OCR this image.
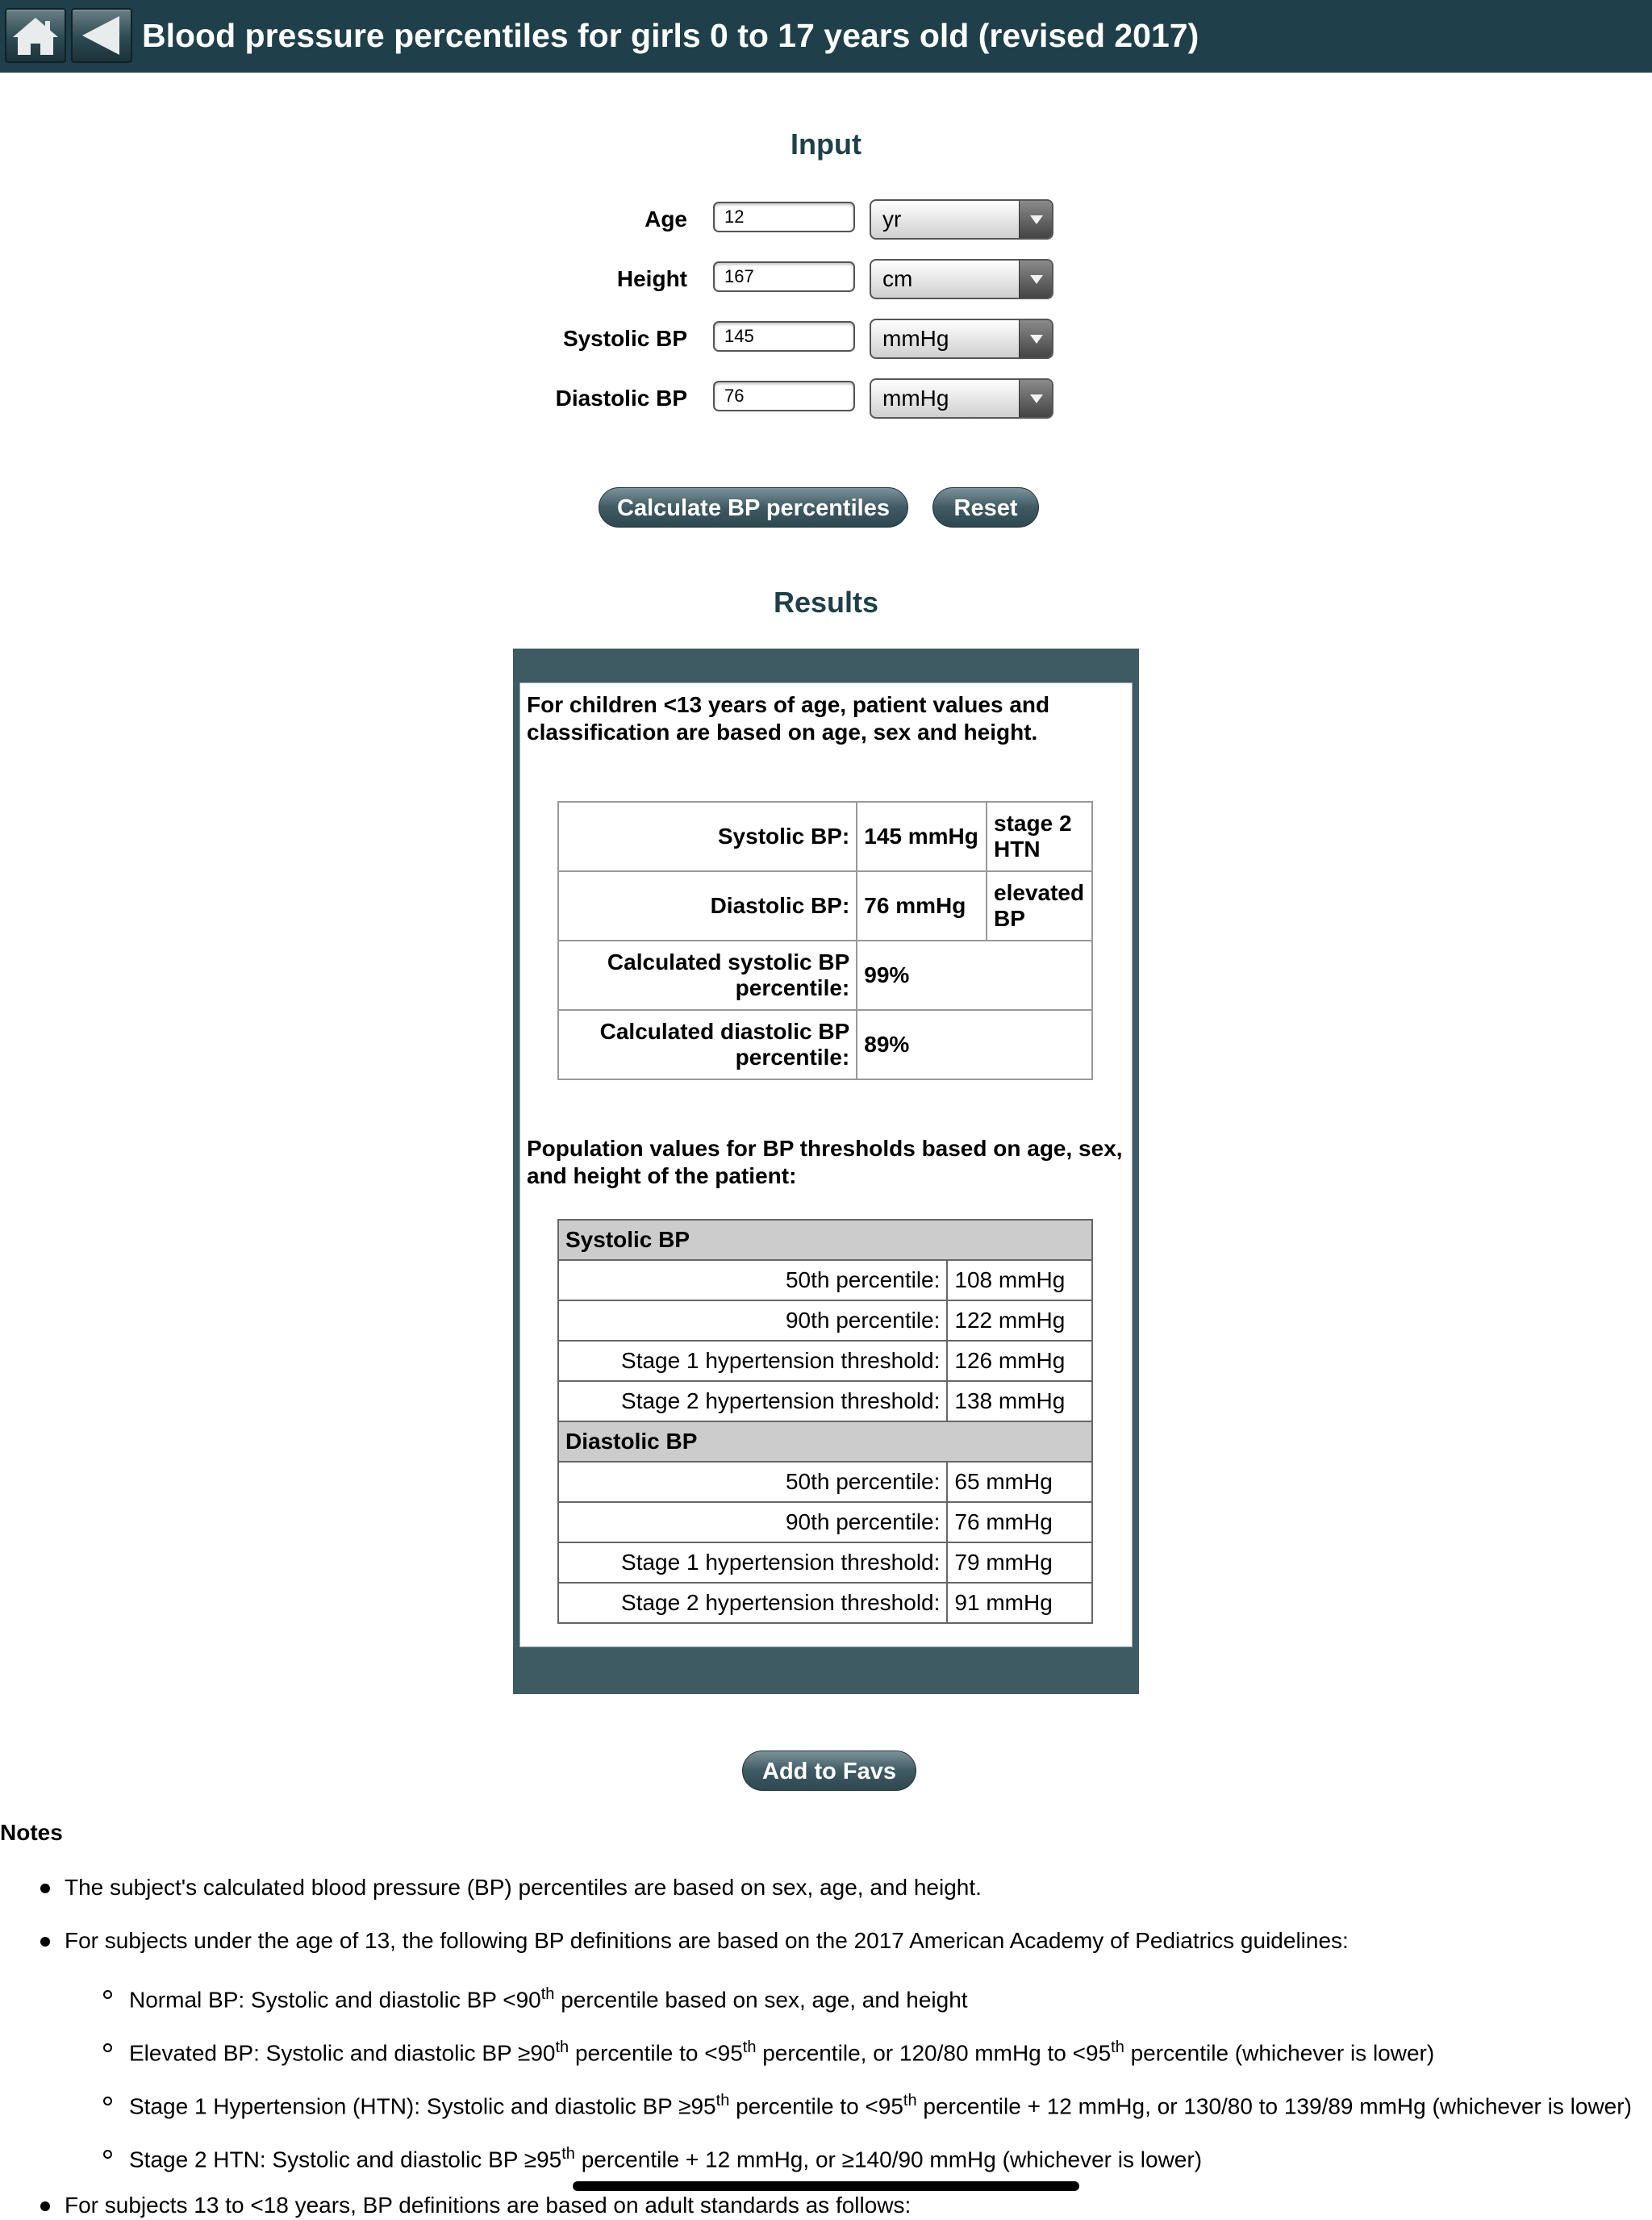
Blood pressure percentiles for girls 0 to 17 years old (revised 2017)
Input
Age	12	yr
Height	167	cm
Systolic BP	145	mmHg
Diastolic BP	76	mmHg
Calculate BP percentiles	Reset
Results
For children <13 years of age, patient values and
classification are based on age, sex and height.
Systolic BP:	145 mmHg	stage 2
HTN
Diastolic BP:	76 mmHg	elevated
BP
Calculated systolic BP
percentile:	99%	
Calculated diastolic BP
percentile:	89%	
Population values for BP thresholds based on age, sex,
and height of the patient:
Systolic BP	
50th percentile:	108 mmHg
90th percentile:	122 mmHg
Stage 1 hypertension threshold:	126 mmHg
Stage 2 hypertension threshold:	138 mmHg
Diastolic BP	
50th percentile:	65 mmHg
90th percentile:	76 mmHg
Stage 1 hypertension threshold:	79 mmHg
Stage 2 hypertension threshold:	91 mmHg
Add to Favs
Notes
The subject's calculated blood pressure (BP) percentiles are based on sex, age, and height.
For subjects under the age of 13, the following BP definitions are based on the 2017 American Academy of Pediatrics guidelines:
Normal BP: Systolic and diastolic BP <90th percentile based on sex, age, and height
Elevated BP: Systolic and diastolic BP ≥90th percentile to <95th percentile, or 120/80 mmHg to <95th percentile (whichever is lower)
Stage 1 Hypertension (HTN): Systolic and diastolic BP ≥95th percentile to <95th percentile + 12 mmHg, or 130/80 to 139/89 mmHg (whichever is lower)
Stage 2 HTN: Systolic and diastolic BP ≥95th percentile + 12 mmHg, or ≥140/90 mmHg (whichever is lower)
For subjects 13 to <18 years, BP definitions are based on adult standards as follows:
